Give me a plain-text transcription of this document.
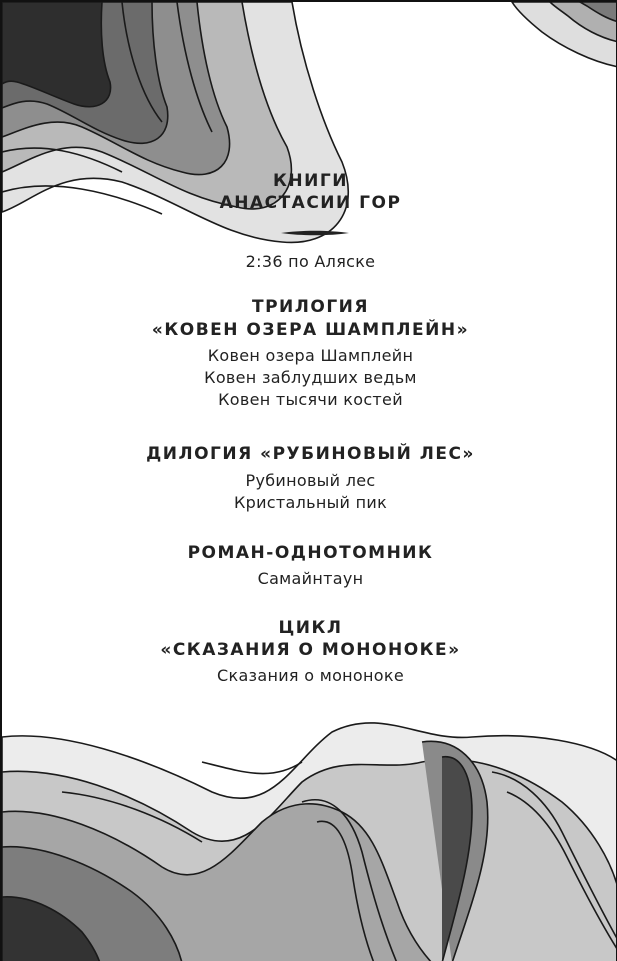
КНИГИ
АНАСТАСИИ ГОР
2:36 по Аляске
ТРИЛОГИЯ
«КОВЕН ОЗЕРА ШАМПЛЕЙН»
Ковен озера Шамплейн
Ковен заблудших ведьм
Ковен тысячи костей
ДИЛОГИЯ «РУБИНОВЫЙ ЛЕС»
Рубиновый лес
Кристальный пик
РОМАН-ОДНОТОМНИК
Самайнтаун
ЦИКЛ
«СКАЗАНИЯ О МОНОНОКЕ»
Сказания о мононоке
